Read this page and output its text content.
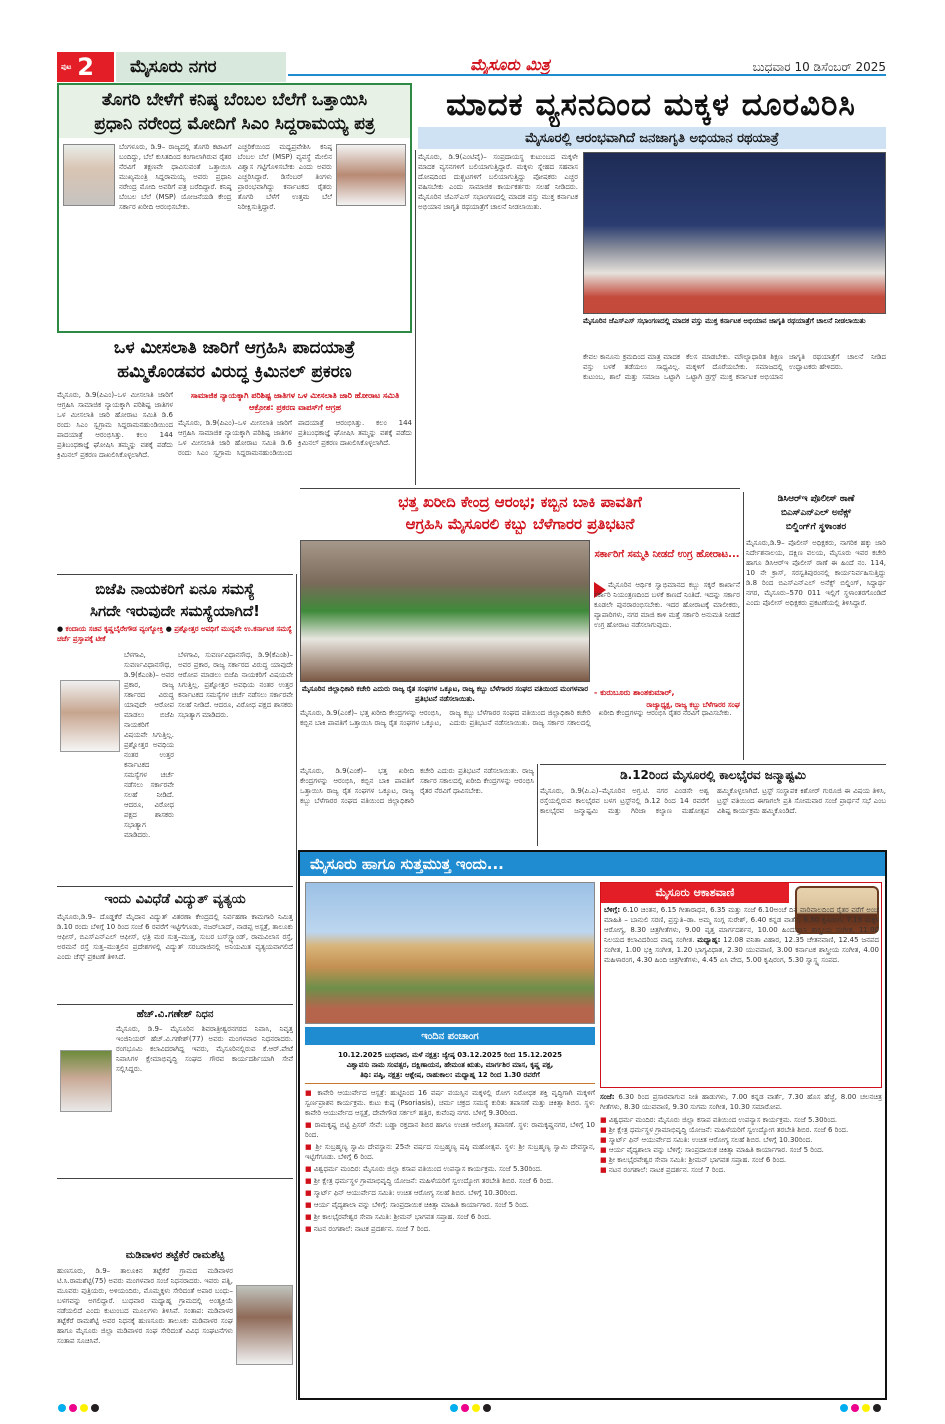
ಪುಟ 2 ಮೈಸೂರು ನಗರ	ಮೈಸೂರು ಮಿತ್ರ	ಬುಧವಾರ 10 ಡಿಸೆಂಬರ್ 2025
ತೊಗರಿ ಬೇಳೆಗೆ ಕನಿಷ್ಠ ಬೆಂಬಲ ಬೆಲೆಗೆ ಒತ್ತಾಯಿಸಿ
ಪ್ರಧಾನಿ ನರೇಂದ್ರ ಮೋದಿಗೆ ಸಿಎಂ ಸಿದ್ದರಾಮಯ್ಯ ಪತ್ರ
ಬೆಂಗಳೂರು, ಡಿ.9– ರಾಜ್ಯದಲ್ಲಿ ತೊಗರಿ ಕಟಾವಿಗೆ ಬಂದಿದ್ದು, ಬೆಲೆ ಕುಸಿತದಿಂದ ಕಂಗಾಲಾಗಿರುವ ರೈತರ ನೆರವಿಗೆ ತಕ್ಷಣವೇ ಧಾವಿಸುವಂತೆ ಒತ್ತಾಯಿಸಿ ಮುಖ್ಯಮಂತ್ರಿ ಸಿದ್ದರಾಮಯ್ಯ ಅವರು ಪ್ರಧಾನಿ ನರೇಂದ್ರ ಮೋದಿ ಅವರಿಗೆ ಪತ್ರ ಬರೆದಿದ್ದಾರೆ. ಕನಿಷ್ಠ ಬೆಂಬಲ ಬೆಲೆ (MSP) ಯೋಜನೆಯಡಿ ಕೇಂದ್ರ ಸರ್ಕಾರ ಖರೀದಿ ಆರಂಭಿಸಬೇಕು.
ಎಚ್ಚರಿಕೆಯಿಂದ ಮಧ್ಯಪ್ರವೇಶಿಸಿ ಕನಿಷ್ಠ ಬೆಂಬಲ ಬೆಲೆ (MSP) ವ್ಯವಸ್ಥೆ ಮೇಲಿನ ವಿಶ್ವಾಸ ಗಟ್ಟಿಗೊಳಿಸಬೇಕು ಎಂದು ಅವರು ಎಚ್ಚರಿಸಿದ್ದಾರೆ. ಡಿಸೆಂಬರ್ ತಿಂಗಳು ಪ್ರಾರಂಭವಾಗಿದ್ದು ಕರ್ನಾಟಕದ ರೈತರು ತೊಗರಿ ಬೆಳೆಗೆ ಉತ್ತಮ ಬೆಲೆ ನಿರೀಕ್ಷಿಸುತ್ತಿದ್ದಾರೆ.
ಮಾದಕ ವ್ಯಸನದಿಂದ ಮಕ್ಕಳ ದೂರವಿರಿಸಿ
ಮೈಸೂರಲ್ಲಿ ಆರಂಭವಾಗಿದೆ ಜನಜಾಗೃತಿ ಅಭಿಯಾನ ರಥಯಾತ್ರೆ
ಮೈಸೂರು, ಡಿ.9(ಎಂಟಿವೈ)– ಸಂಪ್ರದಾಯಸ್ಥ ಕುಟುಂಬದ ಮಕ್ಕಳೇ ಮಾದಕ ವ್ಯಸನಗಳಿಗೆ ಬಲಿಯಾಗುತ್ತಿದ್ದಾರೆ. ಮಕ್ಕಳು ಸ್ನೇಹದ ಸಹವಾಸ ದೋಷದಿಂದ ದುಶ್ಚಟಗಳಿಗೆ ಬಲಿಯಾಗುತ್ತಿದ್ದು ಪೋಷಕರು ಎಚ್ಚರ ವಹಿಸಬೇಕು ಎಂದು ಸಾಮಾಜಿಕ ಕಾರ್ಯಕರ್ತರು ಸಲಹೆ ನೀಡಿದರು. ಮೈಸೂರಿನ ಜೆಎಸ್‌ಎಸ್ ಸಭಾಂಗಣದಲ್ಲಿ ಮಾದಕ ವಸ್ತು ಮುಕ್ತ ಕರ್ನಾಟಕ ಅಭಿಯಾನ ಜಾಗೃತಿ ರಥಯಾತ್ರೆಗೆ ಚಾಲನೆ ನೀಡಲಾಯಿತು.
ಮೈಸೂರಿನ ಜೆಎಸ್‌ಎಸ್ ಸಭಾಂಗಣದಲ್ಲಿ ಮಾದಕ ವಸ್ತು ಮುಕ್ತ ಕರ್ನಾಟಕ ಅಭಿಯಾನ ಜಾಗೃತಿ ರಥಯಾತ್ರೆಗೆ ಚಾಲನೆ ನೀಡಲಾಯಿತು
ಕೇವಲ ಕಾನೂನು ಕ್ರಮದಿಂದ ಮಾತ್ರ ಮಾದಕ ವಸ್ತು ಬಳಕೆ ತಡೆಯಲು ಸಾಧ್ಯವಿಲ್ಲ. ಕುಟುಂಬ, ಶಾಲೆ ಮತ್ತು ಸಮಾಜ ಒಟ್ಟಾಗಿ ಕೆಲಸ ಮಾಡಬೇಕು. ಮೌಲ್ಯಾಧಾರಿತ ಶಿಕ್ಷಣ ಮಕ್ಕಳಿಗೆ ದೊರೆಯಬೇಕು. ಸಮಾಜದಲ್ಲಿ ಒಟ್ಟಾಗಿ ಡ್ರಗ್ಸ್ ಮುಕ್ತ ಕರ್ನಾಟಕ ಅಭಿಯಾನ ಜಾಗೃತಿ ರಥಯಾತ್ರೆಗೆ ಚಾಲನೆ ನೀಡಿದ ಉದ್ಘಾಟಕರು ಹೇಳಿದರು.
ಒಳ ಮೀಸಲಾತಿ ಜಾರಿಗೆ ಆಗ್ರಹಿಸಿ ಪಾದಯಾತ್ರೆ
ಹಮ್ಮಿಕೊಂಡವರ ವಿರುದ್ಧ ಕ್ರಿಮಿನಲ್ ಪ್ರಕರಣ
ಮೈಸೂರು, ಡಿ.9(ಪಿಎಂ)–ಒಳ ಮೀಸಲಾತಿ ಜಾರಿಗೆ ಆಗ್ರಹಿಸಿ ಸಾಮಾಜಿಕ ನ್ಯಾಯಕ್ಕಾಗಿ ಪರಿಶಿಷ್ಟ ಜಾತಿಗಳ ಒಳ ಮೀಸಲಾತಿ ಜಾರಿ ಹೋರಾಟ ಸಮಿತಿ ಡಿ.6 ರಂದು ಸಿಎಂ ಸ್ವಗ್ರಾಮ ಸಿದ್ದರಾಮನಹುಂಡಿಯಿಂದ ಪಾದಯಾತ್ರೆ ಆರಂಭಿಸಿತ್ತು. ಕಲಂ 144 ಪ್ರತಿಬಂಧಕಾಜ್ಞೆ ಘೋಷಿಸಿ ತಮ್ಮನ್ನು ವಶಕ್ಕೆ ಪಡೆದು ಕ್ರಿಮಿನಲ್ ಪ್ರಕರಣ ದಾಖಲಿಸಿಕೊಳ್ಳಲಾಗಿದೆ.
ಸಾಮಾಜಿಕ ನ್ಯಾಯಕ್ಕಾಗಿ ಪರಿಶಿಷ್ಟ ಜಾತಿಗಳ ಒಳ ಮೀಸಲಾತಿ ಜಾರಿ ಹೋರಾಟ ಸಮಿತಿ ಆಕ್ರೋಶ: ಪ್ರಕರಣ ವಾಪಸ್‌ಗೆ ಆಗ್ರಹ
ಮೈಸೂರು, ಡಿ.9(ಪಿಎಂ)–ಒಳ ಮೀಸಲಾತಿ ಜಾರಿಗೆ ಆಗ್ರಹಿಸಿ ಸಾಮಾಜಿಕ ನ್ಯಾಯಕ್ಕಾಗಿ ಪರಿಶಿಷ್ಟ ಜಾತಿಗಳ ಒಳ ಮೀಸಲಾತಿ ಜಾರಿ ಹೋರಾಟ ಸಮಿತಿ ಡಿ.6 ರಂದು ಸಿಎಂ ಸ್ವಗ್ರಾಮ ಸಿದ್ದರಾಮನಹುಂಡಿಯಿಂದ ಪಾದಯಾತ್ರೆ ಆರಂಭಿಸಿತ್ತು. ಕಲಂ 144 ಪ್ರತಿಬಂಧಕಾಜ್ಞೆ ಘೋಷಿಸಿ ತಮ್ಮನ್ನು ವಶಕ್ಕೆ ಪಡೆದು ಕ್ರಿಮಿನಲ್ ಪ್ರಕರಣ ದಾಖಲಿಸಿಕೊಳ್ಳಲಾಗಿದೆ.
ಬಿಜೆಪಿ ನಾಯಕರಿಗೆ ಏನೂ ಸಮಸ್ಯೆ
ಸಿಗದೇ ಇರುವುದೇ ಸಮಸ್ಯೆಯಾಗಿದೆ!
● ಕಂದಾಯ ಸಚಿವ ಕೃಷ್ಣಬೈರೇಗೌಡ ವ್ಯಂಗ್ಯೋಕ್ತಿ ● ಪ್ರಶ್ನೋತ್ತರ ಅವಧಿಗೆ ಮುನ್ನವೇ ಉ.ಕರ್ನಾಟಕ ಸಮಸ್ಯೆ ಚರ್ಚೆ ಪ್ರಸ್ತಾಪಕ್ಕೆ ಟೀಕೆ
ಬೆಳಗಾವಿ, ಸುವರ್ಣವಿಧಾನಸೌಧ, ಡಿ.9(ಕೆಎಂಶಿ)– ಅವರ ಪ್ರಕಾರ, ರಾಜ್ಯ ಸರ್ಕಾರದ ವಿರುದ್ಧ ಯಾವುದೇ ಆರೋಪ ಮಾಡಲು ಬಿಜೆಪಿ ನಾಯಕರಿಗೆ ವಿಷಯವೇ ಸಿಗುತ್ತಿಲ್ಲ. ಪ್ರಶ್ನೋತ್ತರ ಅವಧಿಯ ನಂತರ ಉತ್ತರ ಕರ್ನಾಟಕದ ಸಮಸ್ಯೆಗಳ ಚರ್ಚೆ ನಡೆಸಲು ಸರ್ಕಾರವೇ ಸಲಹೆ ನೀಡಿದೆ. ಆದರೂ, ವಿರೋಧ ಪಕ್ಷದ ಶಾಸಕರು ಸಭಾತ್ಯಾಗ ಮಾಡಿದರು.
ಬೆಳಗಾವಿ, ಸುವರ್ಣವಿಧಾನಸೌಧ, ಡಿ.9(ಕೆಎಂಶಿ)– ಅವರ ಪ್ರಕಾರ, ರಾಜ್ಯ ಸರ್ಕಾರದ ವಿರುದ್ಧ ಯಾವುದೇ ಆರೋಪ ಮಾಡಲು ಬಿಜೆಪಿ ನಾಯಕರಿಗೆ ವಿಷಯವೇ ಸಿಗುತ್ತಿಲ್ಲ. ಪ್ರಶ್ನೋತ್ತರ ಅವಧಿಯ ನಂತರ ಉತ್ತರ ಕರ್ನಾಟಕದ ಸಮಸ್ಯೆಗಳ ಚರ್ಚೆ ನಡೆಸಲು ಸರ್ಕಾರವೇ ಸಲಹೆ ನೀಡಿದೆ. ಆದರೂ, ವಿರೋಧ ಪಕ್ಷದ ಶಾಸಕರು ಸಭಾತ್ಯಾಗ ಮಾಡಿದರು.
ಇಂದು ವಿವಿಧೆಡೆ ವಿದ್ಯುತ್ ವ್ಯತ್ಯಯ
ಮೈಸೂರು,ಡಿ.9– ದೊಡ್ಡಕೆರೆ ಮೈದಾನ ವಿದ್ಯುತ್ ವಿತರಣಾ ಕೇಂದ್ರದಲ್ಲಿ ನಿರ್ವಹಣಾ ಕಾಮಗಾರಿ ನಿಮಿತ್ತ ಡಿ.10 ರಂದು ಬೆಳಿಗ್ಗೆ 10 ರಿಂದ ಸಂಜೆ 6 ರವರೆಗೆ ಇಟ್ಟಿಗೆಗೂಡು, ನಜರ್‌ಬಾದ್, ನಾಡಪ್ಪ ಅಸ್ಪತ್ರೆ, ತಾಲೂಕು ಆಫೀಸ್, ಬಿಎಸ್‌ಎನ್‌ಎಲ್ ಆಫೀಸ್, ಛತ್ರಿ ಮರ ಸುತ್ತ–ಮುತ್ತ, ಸುಬರ ಬಸ್‌ಸ್ಟ್ಯಾಂಡ್, ರಾಮವಿಲಾಸ ರಸ್ತೆ, ಅರಮನೆ ರಸ್ತೆ ಸುತ್ತ–ಮುತ್ತಲಿನ ಪ್ರದೇಶಗಳಲ್ಲಿ ವಿದ್ಯುತ್ ಸರಬರಾಜಿನಲ್ಲಿ ಅನಿಯಮಿತ ವ್ಯತ್ಯಯವಾಗಲಿದೆ ಎಂದು ಚೆಸ್ಕ್ ಪ್ರಕಟಣೆ ತಿಳಿಸಿದೆ.
ಹೆಚ್.ವಿ.ಗಣೇಶ್ ನಿಧನ
ಮೈಸೂರು, ಡಿ.9– ಮೈಸೂರಿನ ಶಿವರಾತ್ರೀಶ್ವರನಗರದ ನಿವಾಸಿ, ನಿವೃತ್ತ ಇಂಜಿನಿಯರ್ ಹೆಚ್.ವಿ.ಗಣೇಶ್(77) ಅವರು ಮಂಗಳವಾರ ನಿಧನರಾದರು. ರಂಗಭೂಮಿ ಕಲಾವಿದರಾಗಿದ್ದ ಇವರು, ಮೈಸೂರಿನಲ್ಲಿರುವ ಕೆ.ಆರ್.ಪೇಟೆ ನಿವಾಸಿಗಳ ಕ್ಷೇಮಾಭಿವೃದ್ಧಿ ಸಂಘದ ಗೌರವ ಕಾರ್ಯದರ್ಶಿಯಾಗಿ ಸೇವೆ ಸಲ್ಲಿಸಿದ್ದರು.
ಮಡಿವಾಳರ ತಟ್ಟೆಕೆರೆ ರಾಮಶೆಟ್ಟಿ
ಹುಣಸೂರು, ಡಿ.9– ತಾಲೂಕಿನ ತಟ್ಟೆಕೆರೆ ಗ್ರಾಮದ ಮಡಿವಾಳರ ಟಿ.ಸಿ.ರಾಮಶೆಟ್ಟಿ(75) ಅವರು ಮಂಗಳವಾರ ಸಂಜೆ ನಿಧನರಾದರು. ಇವರು ಪತ್ನಿ, ಮೂವರು ಪುತ್ರಿಯರು, ಅಳಿಯಂದಿರು, ಮೊಮ್ಮಕ್ಕಳು ಸೇರಿದಂತೆ ಅಪಾರ ಬಂಧು–ಬಳಗವನ್ನು ಅಗಲಿದ್ದಾರೆ. ಬುಧವಾರ ಮಧ್ಯಾಹ್ನ ಗ್ರಾಮದಲ್ಲಿ ಅಂತ್ಯಕ್ರಿಯೆ ನಡೆಯಲಿದೆ ಎಂದು ಕುಟುಂಬದ ಮೂಲಗಳು ತಿಳಿಸಿವೆ. ಸಂತಾಪ: ಮಡಿವಾಳರ ತಟ್ಟೆಕೆರೆ ರಾಮಶೆಟ್ಟಿ ಅವರ ನಿಧನಕ್ಕೆ ಹುಣಸೂರು ತಾಲೂಕು ಮಡಿವಾಳರ ಸಂಘ ಹಾಗೂ ಮೈಸೂರು ಜಿಲ್ಲಾ ಮಡಿವಾಳರ ಸಂಘ ಸೇರಿದಂತೆ ವಿವಿಧ ಸಂಘಟನೆಗಳು ಸಂತಾಪ ಸೂಚಿಸಿವೆ.
ಭತ್ತ ಖರೀದಿ ಕೇಂದ್ರ ಆರಂಭ; ಕಬ್ಬಿನ ಬಾಕಿ ಪಾವತಿಗೆ
ಆಗ್ರಹಿಸಿ ಮೈಸೂರಲಿ ಕಬ್ಬು ಬೆಳೆಗಾರರ ಪ್ರತಿಭಟನೆ
ಮೈಸೂರಿನ ಜಿಲ್ಲಾಧಿಕಾರಿ ಕಚೇರಿ ಎದುರು ರಾಜ್ಯ ರೈತ ಸಂಘಗಳ ಒಕ್ಕೂಟ, ರಾಜ್ಯ ಕಬ್ಬು ಬೆಳೆಗಾರರ ಸಂಘದ ವತಿಯಿಂದ ಮಂಗಳವಾರ ಪ್ರತಿಭಟನೆ ನಡೆಸಲಾಯಿತು.
ಸರ್ಕಾರಿಗೆ ಸಮ್ಮತಿ ನೀಡದೆ ಉಗ್ರ ಹೋರಾಟ...
ಮೈಸೂರಿನ ಆರ್ಥಿಕ ಸ್ವಾಭಿಮಾನದ ಕಬ್ಬು ಸಕ್ಕರೆ ಕಾರ್ಖಾನೆ ಸರ್ಕಾರಿ ನಿಯಂತ್ರಣದಿಂದ ಬಳಕೆ ಕಾಣದೆ ನಿಂತಿದೆ. ಇದನ್ನು ಸರ್ಕಾರ ಕೂಡಲೇ ಪುನರಾರಂಭಿಸಬೇಕು. ಇದರ ಹೋರಾಟಕ್ಕೆ ಮಾಲೀಕರು, ವ್ಯಾಪಾರಿಗಳು, ನಗರ ಮಾಜಿ ಕಾಳಿ ಮತ್ತೆ ಸರ್ಕಾರಿ ಅನುಮತಿ ನೀಡದೆ ಉಗ್ರ ಹೋರಾಟ ನಡೆಸಲಾಗುವುದು.
- ಕುರುಬೂರು ಶಾಂತಕುಮಾರ್,
ರಾಜ್ಯಾಧ್ಯಕ್ಷ, ರಾಜ್ಯ ಕಬ್ಬು ಬೆಳೆಗಾರರ ಸಂಘ
ಮೈಸೂರು, ಡಿ.9(ಎಂಕೆ)– ಭತ್ತ ಖರೀದಿ ಕೇಂದ್ರಗಳನ್ನು ಆರಂಭಿಸಿ, ಕಬ್ಬಿನ ಬಾಕಿ ಪಾವತಿಗೆ ಒತ್ತಾಯಿಸಿ ರಾಜ್ಯ ರೈತ ಸಂಘಗಳ ಒಕ್ಕೂಟ, ರಾಜ್ಯ ಕಬ್ಬು ಬೆಳೆಗಾರರ ಸಂಘದ ವತಿಯಿಂದ ಜಿಲ್ಲಾಧಿಕಾರಿ ಕಚೇರಿ ಎದುರು ಪ್ರತಿಭಟನೆ ನಡೆಸಲಾಯಿತು. ರಾಜ್ಯ ಸರ್ಕಾರ ಸಕಾಲದಲ್ಲಿ ಖರೀದಿ ಕೇಂದ್ರಗಳನ್ನು ಆರಂಭಿಸಿ ರೈತರ ನೆರವಿಗೆ ಧಾವಿಸಬೇಕು.
ಡಿಸಿಆರ್‌ಇ ಪೊಲೀಸ್ ಠಾಣೆ
ಬಿಎಸ್‌ಎನ್‌ಎಲ್ ಅನೆಕ್ಸ್
ಬಿಲ್ಡಿಂಗ್‌ಗೆ ಸ್ಥಳಾಂತರ
ಮೈಸೂರು,ಡಿ.9– ಪೊಲೀಸ್ ಅಧಿಕ್ಷಕರು, ನಾಗರಿಕ ಹಕ್ಕು ಜಾರಿ ನಿರ್ದೇಶನಾಲಯ, ದಕ್ಷಿಣ ವಲಯ, ಮೈಸೂರು ಇವರ ಕಚೇರಿ ಹಾಗೂ ಡಿಸಿಆರ್‌ಇ ಪೊಲೀಸ್ ಠಾಣೆ ಈ ಹಿಂದೆ ನಂ. 114, 10 ನೇ ಕ್ರಾಸ್, ಸರಸ್ವತಿಪುರಂನಲ್ಲಿ ಕಾರ್ಯನಿರ್ವಹಿಸುತ್ತಿದ್ದು ಡಿ.8 ರಿಂದ ಬಿಎಸ್‌ಎನ್‌ಎಲ್ ಅನೆಕ್ಸ್ ಬಿಲ್ಡಿಂಗ್, ಸಿದ್ಧಾರ್ಥ ನಗರ, ಮೈಸೂರು–570 011 ಇಲ್ಲಿಗೆ ಸ್ಥಳಾಂತರಗೊಂಡಿದೆ ಎಂದು ಪೊಲೀಸ್ ಅಧಿಕ್ಷಕರು ಪ್ರಕಟಣೆಯಲ್ಲಿ ತಿಳಿಸಿದ್ದಾರೆ.
ಡಿ.12ರಿಂದ ಮೈಸೂರಲ್ಲಿ ಕಾಲಭೈರವ ಜನ್ಮಾಷ್ಟಮಿ
ಮೈಸೂರು, ಡಿ.9(ಪಿ.ಎ)–ಮೈಸೂರಿನ ಅಗ್ರ.ಟಿ. ನಗರ ಎಂಡಸೇ ಅಶ್ವ ರಸ್ತೆಯಲ್ಲಿರುವ ಕಾಲಭೈರವ ಬಳಗ ಟ್ರಸ್ಟ್‌ನಲ್ಲಿ ಡಿ.12 ರಿಂದ 14 ರವರೆಗೆ ಕಾಲಭೈರವ ಜನ್ಮಾಷ್ಟಮಿ ಮತ್ತು ಗಿರಿಜಾ ಕಲ್ಯಾಣ ಮಹೋತ್ಸವ ಹಮ್ಮಿಕೊಳ್ಳಲಾಗಿದೆ. ಟ್ರಸ್ಟ್ ಸಂಸ್ಥಾಪಕ ಕಿಶೋರ್ ಗುರೂಜಿ ಈ ವಿಷಯ ತಿಳಿಸಿ, ಟ್ರಸ್ಟ್ ವತಿಯಿಂದ ಈಗಾಗಲೇ ಪ್ರತಿ ಸೋಮವಾರ ಸಂಜೆ ಪ್ರಾರ್ಥನೆ ಸಭೆ ಎಂಬ ವಿಶಿಷ್ಟ ಕಾರ್ಯಕ್ರಮ ಹಮ್ಮಿಕೊಂಡಿದೆ.
ಮೈಸೂರು, ಡಿ.9(ಎಂಕೆ)– ಭತ್ತ ಖರೀದಿ ಕೇಂದ್ರಗಳನ್ನು ಆರಂಭಿಸಿ, ಕಬ್ಬಿನ ಬಾಕಿ ಪಾವತಿಗೆ ಒತ್ತಾಯಿಸಿ ರಾಜ್ಯ ರೈತ ಸಂಘಗಳ ಒಕ್ಕೂಟ, ರಾಜ್ಯ ಕಬ್ಬು ಬೆಳೆಗಾರರ ಸಂಘದ ವತಿಯಿಂದ ಜಿಲ್ಲಾಧಿಕಾರಿ ಕಚೇರಿ ಎದುರು ಪ್ರತಿಭಟನೆ ನಡೆಸಲಾಯಿತು. ರಾಜ್ಯ ಸರ್ಕಾರ ಸಕಾಲದಲ್ಲಿ ಖರೀದಿ ಕೇಂದ್ರಗಳನ್ನು ಆರಂಭಿಸಿ ರೈತರ ನೆರವಿಗೆ ಧಾವಿಸಬೇಕು.
ಮೈಸೂರು ಹಾಗೂ ಸುತ್ತಮುತ್ತ ಇಂದು...
ಇಂದಿನ ಪಂಚಾಂಗ
10.12.2025 ಬುಧವಾರ, ಮಳೆ ನಕ್ಷತ್ರ: ಜ್ಯೇಷ್ಠ 03.12.2025 ರಿಂದ 15.12.2025
ವಿಶ್ವಾವಸು ನಾಮ ಸಂವತ್ಸರ, ದಕ್ಷಿಣಾಯನ, ಹೇಮಂತ ಋತು, ಮಾರ್ಗಶಿರ ಮಾಸ, ಕೃಷ್ಣ ಪಕ್ಷ,
ತಿಥಿ: ಪಷ್ಠಿ, ನಕ್ಷತ್ರ: ಆಶ್ಲೇಷ, ರಾಹುಕಾಲ: ಮಧ್ಯಾಹ್ನ 12 ರಿಂದ 1.30 ರವರೆಗೆ
■ ಕಾವೇರಿ ಆಯುರ್ವೇದ ಆಸ್ಪತ್ರೆ: ಹುಟ್ಟಿನಿಂದ 16 ವರ್ಷ ವಯಸ್ಸಿನ ಮಕ್ಕಳಲ್ಲಿ ರೋಗ ನಿರೋಧಕ ಶಕ್ತಿ ವೃದ್ಧಿಗಾಗಿ ಮಕ್ಕಳಿಗೆ ಸ್ವರ್ಣಪ್ರಾಶನ ಕಾರ್ಯಕ್ರಮ. ಕುಟು ಕುಷ್ಠ (Psoriasis), ಚರ್ಮ ಚಕ್ರದ ಸಮಸ್ಯೆ ಕುರಿತು ತಪಾಸಣೆ ಮತ್ತು ಚಿಕಿತ್ಸಾ ಶಿಬಿರ. ಸ್ಥಳ: ಕಾವೇರಿ ಆಯುರ್ವೇದ ಆಸ್ಪತ್ರೆ, ದೇವೇಗೌಡ ಸರ್ಕಲ್ ಹತ್ತಿರ, ಕುವೆಂಪು ನಗರ. ಬೆಳಿಗ್ಗೆ 9.30ರಿಂದ.
■ ರಾಮಕೃಷ್ಣ ಬಿಟ್ಟಿ ಪ್ರಿಸರ್ ಸೇವೆ: ಬಡ್ಡಾ ರಕ್ತದಾನ ಶಿಬಿರ ಹಾಗೂ ಉಚಿತ ಆರೋಗ್ಯ ತಪಾಸಣೆ. ಸ್ಥಳ: ರಾಮಕೃಷ್ಣನಗರ, ಬೆಳಿಗ್ಗೆ 10 ರಿಂದ.
■ ಶ್ರೀ ಸುಬ್ರಹ್ಮಣ್ಯ ಸ್ವಾಮಿ ದೇವಸ್ಥಾನ: 25ನೇ ವರ್ಷದ ಸುಬ್ರಹ್ಮಣ್ಯ ಷಷ್ಠಿ ಮಹೋತ್ಸವ. ಸ್ಥಳ: ಶ್ರೀ ಸುಬ್ರಹ್ಮಣ್ಯ ಸ್ವಾಮಿ ದೇವಸ್ಥಾನ, ಇಟ್ಟಿಗೆಗೂಡು. ಬೆಳಿಗ್ಗೆ 6 ರಿಂದ.
■ ವಿಶ್ವಧರ್ಮ ಮಂದಿರ: ಮೈಸೂರು ಜಿಲ್ಲಾ ಕಸಾಪ ವತಿಯಿಂದ ಉಪನ್ಯಾಸ ಕಾರ್ಯಕ್ರಮ. ಸಂಜೆ 5.30ರಿಂದ.
■ ಶ್ರೀ ಕ್ಷೇತ್ರ ಧರ್ಮಸ್ಥಳ ಗ್ರಾಮಾಭಿವೃದ್ಧಿ ಯೋಜನೆ: ಮಹಿಳೆಯರಿಗೆ ಸ್ವಉದ್ಯೋಗ ತರಬೇತಿ ಶಿಬಿರ. ಸಂಜೆ 6 ರಿಂದ.
■ ಸ್ಮಾರ್ಟ್ ಫಿನ್ ಆಯುರ್ವೇದ ಸಮಿತಿ: ಉಚಿತ ಆರೋಗ್ಯ ಸಲಹೆ ಶಿಬಿರ. ಬೆಳಿಗ್ಗೆ 10.30ರಿಂದ.
■ ಆರ್ಯ ವೈದ್ಯಶಾಲಾ ವನ್ನು ಬೆಳಿಗ್ಗೆ: ಸಾಂಪ್ರದಾಯಿಕ ಚಿಕಿತ್ಸಾ ಮಾಹಿತಿ ಕಾರ್ಯಾಗಾರ. ಸಂಜೆ 5 ರಿಂದ.
■ ಶ್ರೀ ಕಾಲಭೈರವೇಶ್ವರ ಸೇವಾ ಸಮಿತಿ: ಶ್ರೀಮನ್ ಭಾಗವತ ಸಪ್ತಾಹ. ಸಂಜೆ 6 ರಿಂದ.
■ ನಟನ ರಂಗಶಾಲೆ: ನಾಟಕ ಪ್ರದರ್ಶನ. ಸಂಜೆ 7 ರಿಂದ.
ಮೈಸೂರು ಆಕಾಶವಾಣಿ
ಬೆಳಿಗ್ಗೆ: 6.10 ಚಿಂತನ, 6.15 ಗೀತಾರಾಧನ, 6.35 ಮತ್ತು ಸಂಜೆ 6.10ಅಂಚೆ ದಿನ ವಾರಿವಾಲದಿಂದ ರೈತರ ವರೆಗೆ ಅಂಚೆ ಮಾಹಿತಿ – ಬಾನುಲಿ ಸರಣಿ, ಪ್ರಸ್ತುತಿ–ಡಾ. ಅಮ್ಮ ಸಂಗ್ಲ ಸುರೇಶ್, 6.40 ಕನ್ನಡ ವಾರ್ತೆ, 6.50 ಕೃಷಿರಂಗ, 7.15 ಮಕ್ಕಳ ಆರೋಗ್ಯ, 8.30 ಚಿತ್ರಗೀತೆಗಳು, 9.00 ವೃತ್ತ ಮಾರ್ಗದರ್ಶನ, 10.00 ಹಿಂದುಸ್ತಾನಿ ಶಾಸ್ತ್ರೀಯ ಸಂಗೀತ, 11.00 ನಿಲಯದ ಕಲಾವಿದರಿಂದ ವಾದ್ಯ ಸಂಗೀತ. ಮಧ್ಯಾಹ್ನ: 12.08 ವನಿತಾ ವಿಹಾರ, 12.35 ಚೇತನವಾಣಿ, 12.45 ಜನಪದ ಸಂಗೀತ, 1.00 ಭಕ್ತಿ ಸಂಗೀತ, 1.20 ಭಾಗ್ಯವಿಧಾತ, 2.30 ಯುವವಾಣಿ, 3.00 ಕರ್ನಾಟಕ ಶಾಸ್ತ್ರೀಯ ಸಂಗೀತ, 4.00 ಮಹಿಳಾರಂಗ, 4.30 ಹಿಂದಿ ಚಿತ್ರಗೀತೆಗಳು, 4.45 ಏಸಿ ವೇದ, 5.00 ಕೃಷಿರಂಗ, 5.30 ಸ್ವಾಸ್ಥ್ಯ ಸಂಪದ.
ಸಂಜೆ: 6.30 ರಿಂದ ಪ್ರಸಾರವಾಗುವ ನೀತಿ ಹಾಡುಗಳು, 7.00 ಕನ್ನಡ ವಾರ್ತೆ, 7.30 ಹೊಸ ಹೆಜ್ಜೆ, 8.00 ಚಲನಚಿತ್ರ ಗೀತೆಗಳು, 8.30 ಯುವವಾಣಿ, 9.30 ಸುಗಮ ಸಂಗೀತ, 10.30 ಸಮಾರೋಪ.
■ ವಿಶ್ವಧರ್ಮ ಮಂದಿರ: ಮೈಸೂರು ಜಿಲ್ಲಾ ಕಸಾಪ ವತಿಯಿಂದ ಉಪನ್ಯಾಸ ಕಾರ್ಯಕ್ರಮ. ಸಂಜೆ 5.30ರಿಂದ.
■ ಶ್ರೀ ಕ್ಷೇತ್ರ ಧರ್ಮಸ್ಥಳ ಗ್ರಾಮಾಭಿವೃದ್ಧಿ ಯೋಜನೆ: ಮಹಿಳೆಯರಿಗೆ ಸ್ವಉದ್ಯೋಗ ತರಬೇತಿ ಶಿಬಿರ. ಸಂಜೆ 6 ರಿಂದ.
■ ಸ್ಮಾರ್ಟ್ ಫಿನ್ ಆಯುರ್ವೇದ ಸಮಿತಿ: ಉಚಿತ ಆರೋಗ್ಯ ಸಲಹೆ ಶಿಬಿರ. ಬೆಳಿಗ್ಗೆ 10.30ರಿಂದ.
■ ಆರ್ಯ ವೈದ್ಯಶಾಲಾ ವನ್ನು ಬೆಳಿಗ್ಗೆ: ಸಾಂಪ್ರದಾಯಿಕ ಚಿಕಿತ್ಸಾ ಮಾಹಿತಿ ಕಾರ್ಯಾಗಾರ. ಸಂಜೆ 5 ರಿಂದ.
■ ಶ್ರೀ ಕಾಲಭೈರವೇಶ್ವರ ಸೇವಾ ಸಮಿತಿ: ಶ್ರೀಮನ್ ಭಾಗವತ ಸಪ್ತಾಹ. ಸಂಜೆ 6 ರಿಂದ.
■ ನಟನ ರಂಗಶಾಲೆ: ನಾಟಕ ಪ್ರದರ್ಶನ. ಸಂಜೆ 7 ರಿಂದ.
